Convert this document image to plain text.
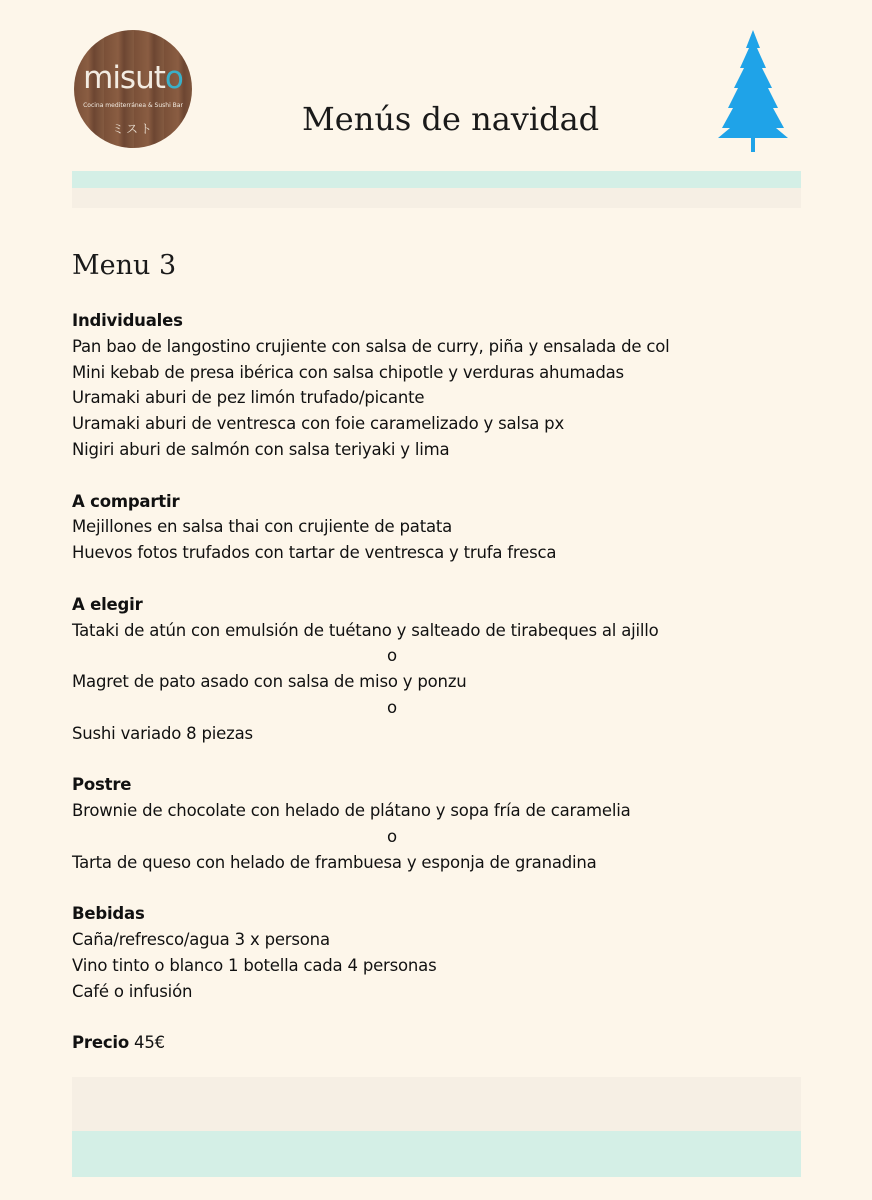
misuto
Cocina mediterránea & Sushi Bar
ミスト	Menús de navidad
Menu 3
Individuales
Pan bao de langostino crujiente con salsa de curry, piña y ensalada de col
Mini kebab de presa ibérica con salsa chipotle y verduras ahumadas
Uramaki aburi de pez limón trufado/picante
Uramaki aburi de ventresca con foie caramelizado y salsa px
Nigiri aburi de salmón con salsa teriyaki y lima
A compartir
Mejillones en salsa thai con crujiente de patata
Huevos fotos trufados con tartar de ventresca y trufa fresca
A elegir
Tataki de atún con emulsión de tuétano y salteado de tirabeques al ajillo
o
Magret de pato asado con salsa de miso y ponzu
o
Sushi variado 8 piezas
Postre
Brownie de chocolate con helado de plátano y sopa fría de caramelia
o
Tarta de queso con helado de frambuesa y esponja de granadina
Bebidas
Caña/refresco/agua 3 x persona
Vino tinto o blanco 1 botella cada 4 personas
Café o infusión
Precio 45€
